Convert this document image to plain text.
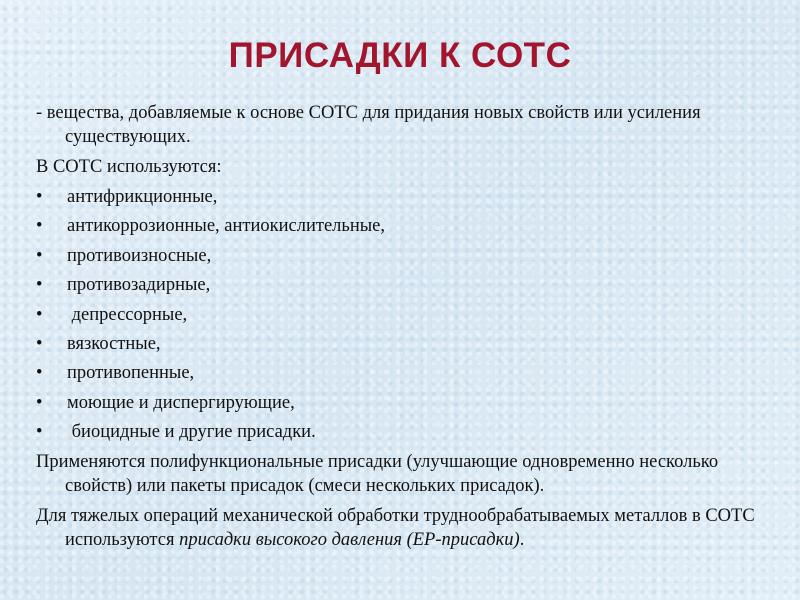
ПРИСАДКИ К СОТС

- вещества, добавляемые к основе СОТС для придания новых свойств или усиления существующих.

В СОТС используются:

• антифрикционные,
• антикоррозионные, антиокислительные,
• противоизносные,
• противозадирные,
• депрессорные,
• вязкостные,
• противопенные,
• моющие и диспергирующие,
• биоцидные и другие присадки.

Применяются полифункциональные присадки (улучшающие одновременно несколько свойств) или пакеты присадок (смеси нескольких присадок).

Для тяжелых операций механической обработки труднообрабатываемых металлов в СОТС используются присадки высокого давления (ЕР-присадки).
